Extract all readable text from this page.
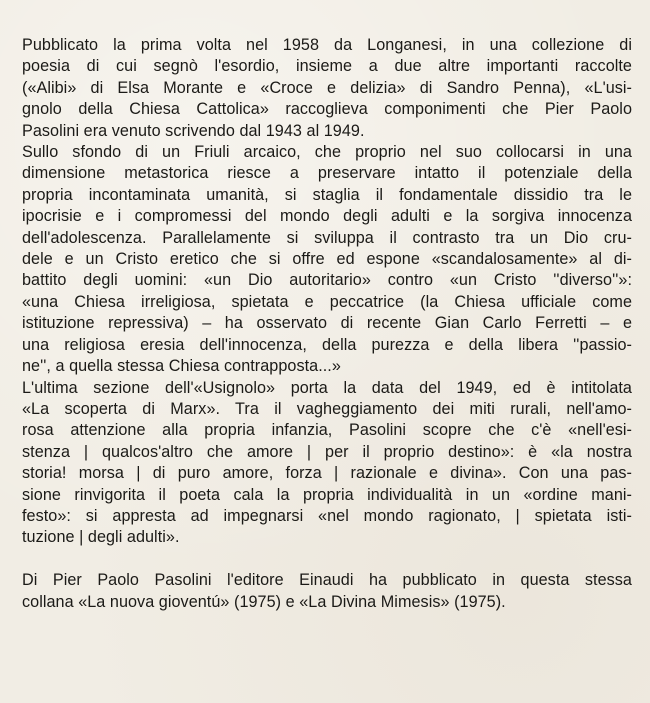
Pubblicato la prima volta nel 1958 da Longanesi, in una collezione di
poesia di cui segnò l'esordio, insieme a due altre importanti raccolte
(«Alibi» di Elsa Morante e «Croce e delizia» di Sandro Penna), «L'usi-
gnolo della Chiesa Cattolica» raccoglieva componimenti che Pier Paolo
Pasolini era venuto scrivendo dal 1943 al 1949.
Sullo sfondo di un Friuli arcaico, che proprio nel suo collocarsi in una
dimensione metastorica riesce a preservare intatto il potenziale della
propria incontaminata umanità, si staglia il fondamentale dissidio tra le
ipocrisie e i compromessi del mondo degli adulti e la sorgiva innocenza
dell'adolescenza. Parallelamente si sviluppa il contrasto tra un Dio cru-
dele e un Cristo eretico che si offre ed espone «scandalosamente» al di-
battito degli uomini: «un Dio autoritario» contro «un Cristo ''diverso''»:
«una Chiesa irreligiosa, spietata e peccatrice (la Chiesa ufficiale come
istituzione repressiva) – ha osservato di recente Gian Carlo Ferretti – e
una religiosa eresia dell'innocenza, della purezza e della libera ''passio-
ne'', a quella stessa Chiesa contrapposta...»
L'ultima sezione dell'«Usignolo» porta la data del 1949, ed è intitolata
«La scoperta di Marx». Tra il vagheggiamento dei miti rurali, nell'amo-
rosa attenzione alla propria infanzia, Pasolini scopre che c'è «nell'esi-
stenza | qualcos'altro che amore | per il proprio destino»: è «la nostra
storia! morsa | di puro amore, forza | razionale e divina». Con una pas-
sione rinvigorita il poeta cala la propria individualità in un «ordine mani-
festo»: si appresta ad impegnarsi «nel mondo ragionato, | spietata isti-
tuzione | degli adulti».
Di Pier Paolo Pasolini l'editore Einaudi ha pubblicato in questa stessa
collana «La nuova gioventú» (1975) e «La Divina Mimesis» (1975).
